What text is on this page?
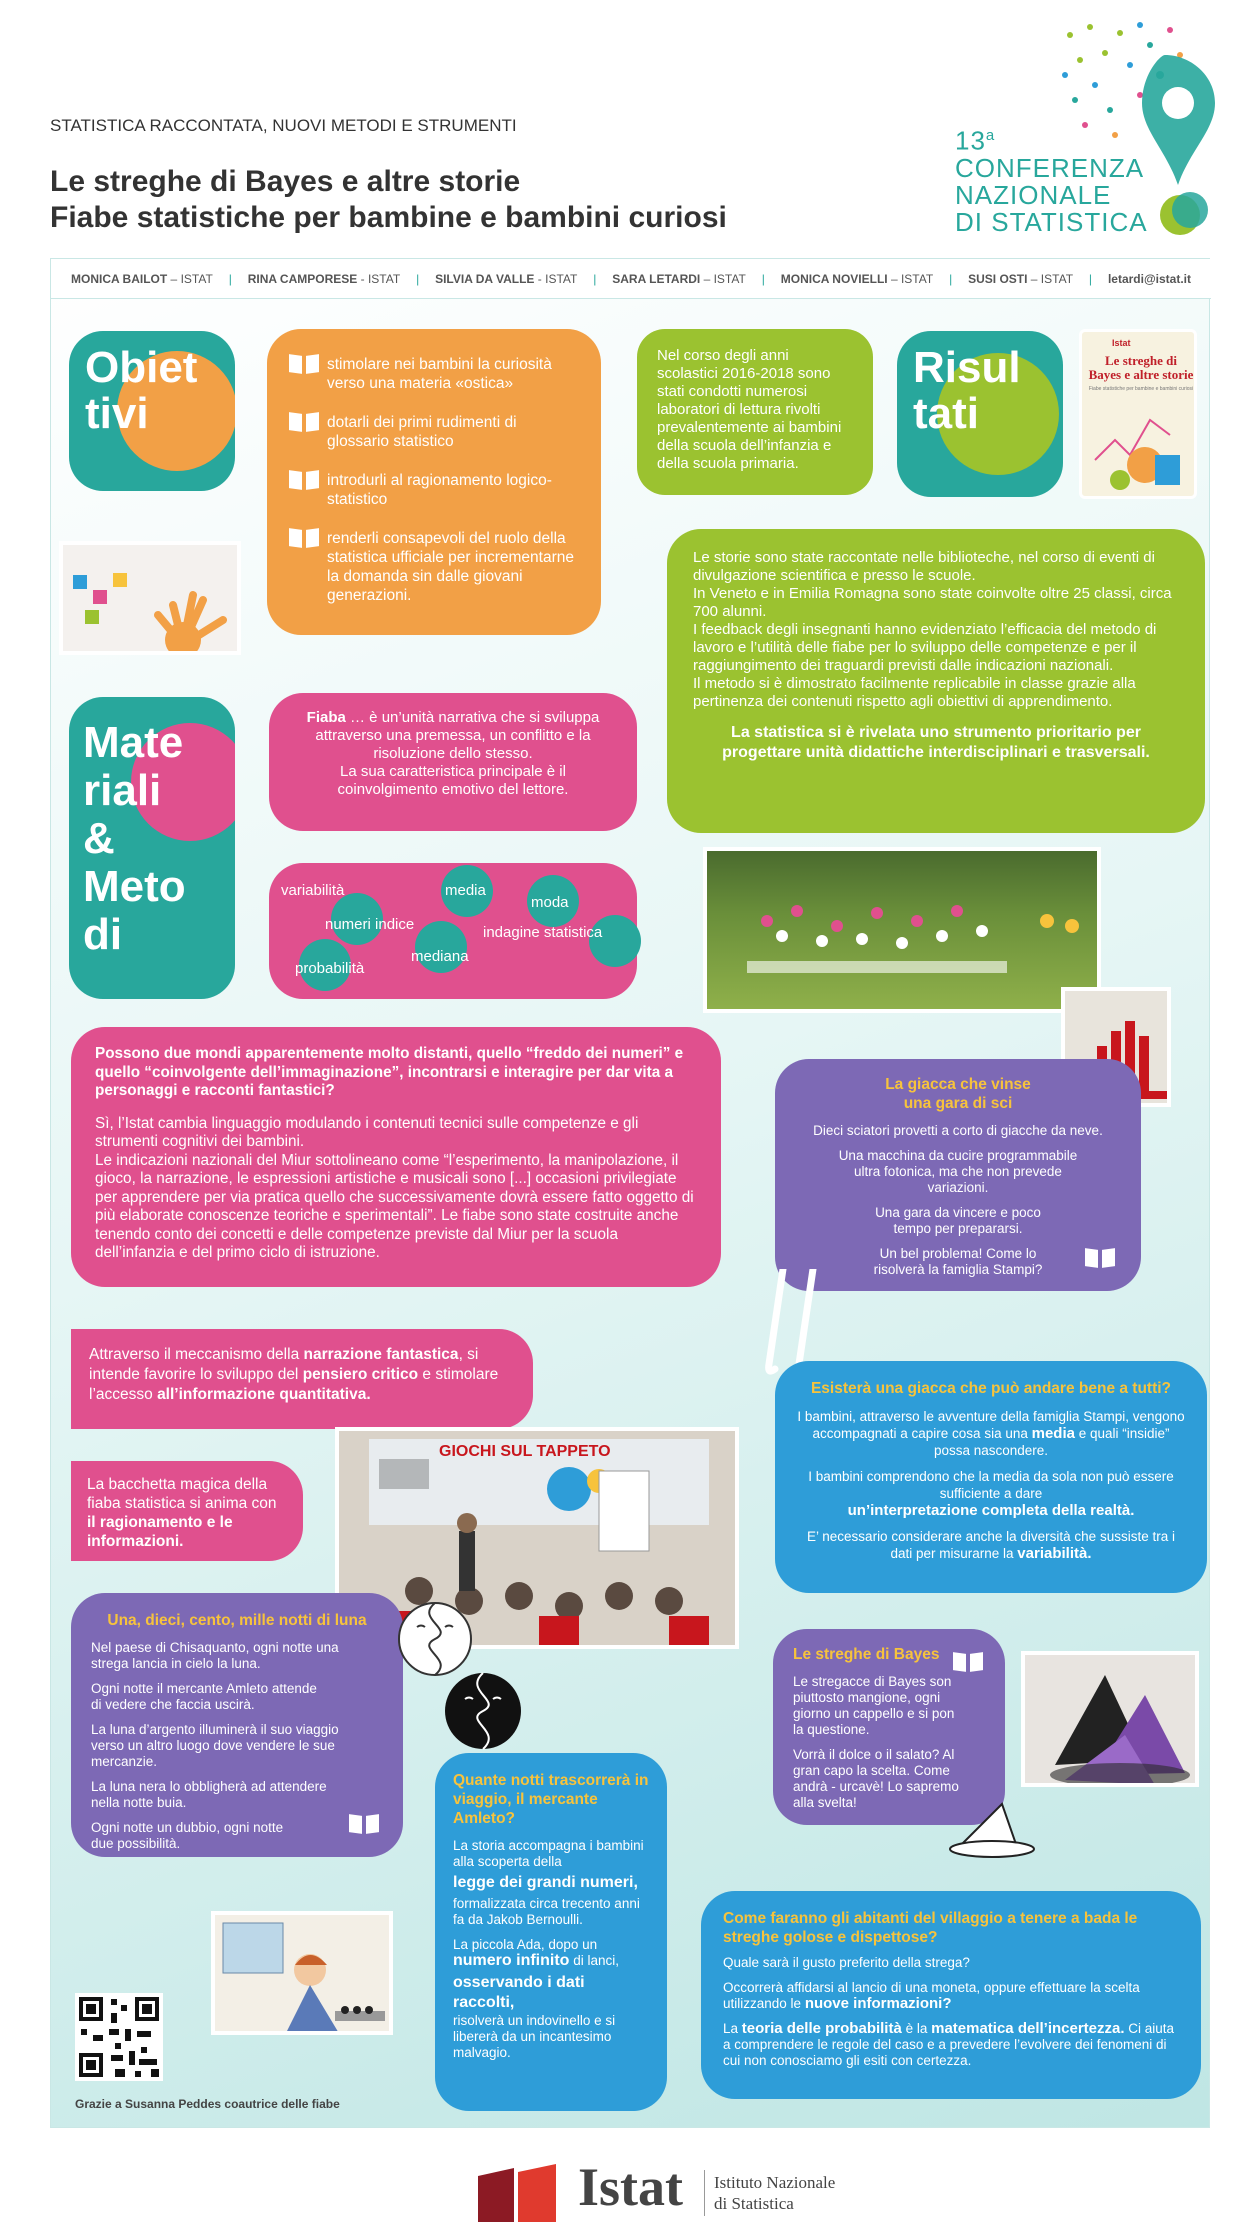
STATISTICA RACCONTATA, NUOVI METODI E STRUMENTI
Le streghe di Bayes e altre storie
Fiabe statistiche per bambine e bambini curiosi
13$^a$
CONFERENZA
NAZIONALE
DI STATISTICA
MONICA BAILOT – ISTAT | RINA CAMPORESE - ISTAT | SILVIA DA VALLE - ISTAT | SARA LETARDI – ISTAT | MONICA NOVIELLI – ISTAT | SUSI OSTI – ISTAT | letardi@istat.it
Obiet
tivi
stimolare nei bambini la curiosità verso una materia «ostica»
dotarli dei primi rudimenti di glossario statistico
introdurli al ragionamento logico-statistico
renderli consapevoli del ruolo della statistica ufficiale per incrementarne la domanda sin dalle giovani generazioni.
Nel corso degli anni scolastici 2016-2018 sono stati condotti numerosi laboratori di lettura rivolti prevalentemente ai bambini della scuola dell’infanzia e della scuola primaria.
Risul
tati
Istat
Le streghe di Bayes e altre storie
Fiabe statistiche per bambine e bambini curiosi
Le storie sono state raccontate nelle biblioteche, nel corso di eventi di divulgazione scientifica e presso le scuole.
In Veneto e in Emilia Romagna sono state coinvolte oltre 25 classi, circa 700 alunni.
I feedback degli insegnanti hanno evidenziato l’efficacia del metodo di lavoro e l’utilità delle fiabe per lo sviluppo delle competenze e per il raggiungimento dei traguardi previsti dalle indicazioni nazionali.
Il metodo si è dimostrato facilmente replicabile in classe grazie alla pertinenza dei contenuti rispetto agli obiettivi di apprendimento.
La statistica si è rivelata uno strumento prioritario per progettare unità didattiche interdisciplinari e trasversali.
Mate
riali
&
Meto
di
Fiaba … è un’unità narrativa che si sviluppa attraverso una premessa, un conflitto e la risoluzione dello stesso.
La sua caratteristica principale è il coinvolgimento emotivo del lettore.
variabilità	media
moda
numeri indice
mediana
indagine statistica
probabilità

Possono due mondi apparentemente molto distanti, quello “freddo dei numeri” e quello “coinvolgente dell’immaginazione”, incontrarsi e interagire per dar vita a personaggi e racconti fantastici?

Sì, l’Istat cambia linguaggio modulando i contenuti tecnici sulle competenze e gli strumenti cognitivi dei bambini.

Le indicazioni nazionali del Miur sottolineano come “l’esperimento, la manipolazione, il gioco, la narrazione, le espressioni artistiche e musicali sono [...] occasioni privilegiate per apprendere per via pratica quello che successivamente dovrà essere fatto oggetto di più elaborate conoscenze teoriche e sperimentali”. Le fiabe sono state costruite anche tenendo conto dei concetti e delle competenze previste dal Miur per la scuola dell’infanzia e del primo ciclo di istruzione.

La giacca che vinse una gara di sci

Dieci sciatori provetti a corto di giacche da neve.

Una macchina da cucire programmabile ultra fotonica, ma che non prevede variazioni.

Una gara da vincere e poco tempo per prepararsi.

Un bel problema! Come lo risolverà la famiglia Stampi?

Attraverso il meccanismo della narrazione fantastica, si intende favorire lo sviluppo del pensiero critico e stimolare l’accesso all’informazione quantitativa.	Esisterà una giacca che può andare bene a tutti?

I bambini, attraverso le avventure della famiglia Stampi, vengono accompagnati a capire cosa sia una media e quali “insidie” possa nascondere.

I bambini comprendono che la media da sola non può essere sufficiente a dare
un’interpretazione completa della realtà.

E’ necessario considerare anche la diversità che sussiste tra i dati per misurarne la variabilità.

La bacchetta magica della fiaba statistica si anima con il ragionamento e le informazioni.
GIOCHI SUL TAPPETO
Una, dieci, cento, mille notti di luna

Nel paese di Chisaquanto, ogni notte una strega lancia in cielo la luna.

Ogni notte il mercante Amleto attende di vedere che faccia uscirà.

La luna d’argento illuminerà il suo viaggio verso un altro luogo dove vendere le sue mercanzie.

La luna nera lo obbligherà ad attendere nella notte buia.

Ogni notte un dubbio, ogni notte due possibilità.

Quante notti trascorrerà in viaggio, il mercante Amleto?
La storia accompagna i bambini alla scoperta della
legge dei grandi numeri,

formalizzata circa trecento anni fa da Jakob Bernoulli.

La piccola Ada, dopo un
numero infinito di lanci,
osservando i dati raccolti,
risolverà un indovinello e si libererà da un incantesimo malvagio.
Le streghe di Bayes

Le stregacce di Bayes son piuttosto mangione, ogni giorno un cappello e si pon la questione.

Vorrà il dolce o il salato? Al gran capo la scelta. Come andrà - urcavè! Lo sapremo alla svelta!

Come faranno gli abitanti del villaggio a tenere a bada le streghe golose e dispettose?

Quale sarà il gusto preferito della strega?

Occorrerà affidarsi al lancio di una moneta, oppure effettuare la scelta utilizzando le nuove informazioni?

La teoria delle probabilità è la matematica dell’incertezza. Ci aiuta a comprendere le regole del caso e a prevedere l’evolvere dei fenomeni di cui non conosciamo gli esiti con certezza.

Grazie a Susanna Peddes coautrice delle fiabe
Istat Istituto Nazionale
di Statistica
